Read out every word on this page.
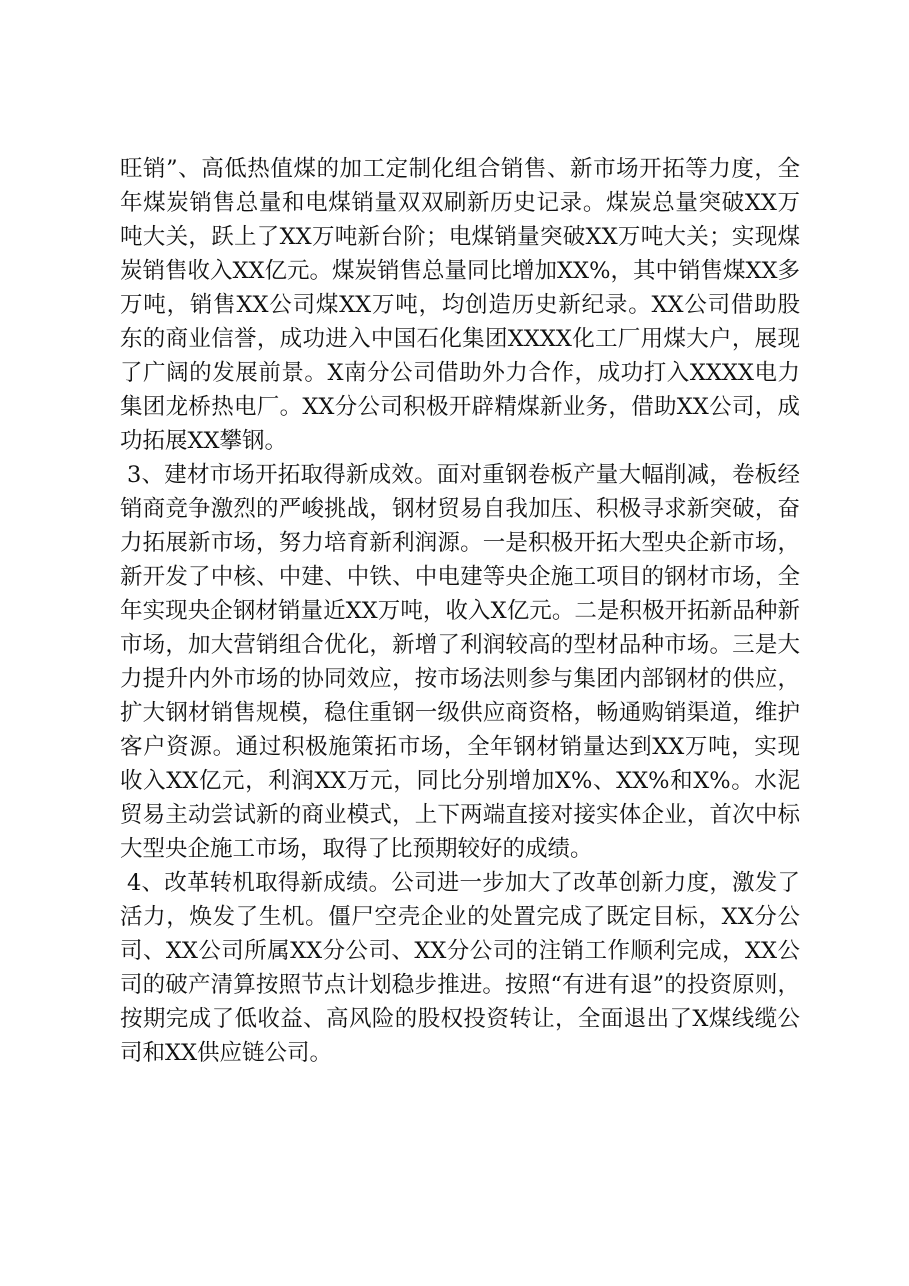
旺销”、高低热值煤的加工定制化组合销售、新市场开拓等力度，全年煤炭销售总量和电煤销量双双刷新历史记录。煤炭总量突破XX万吨大关，跃上了XX万吨新台阶；电煤销量突破XX万吨大关；实现煤炭销售收入XX亿元。煤炭销售总量同比增加XX%，其中销售煤XX多万吨，销售XX公司煤XX万吨，均创造历史新纪录。XX公司借助股东的商业信誉，成功进入中国石化集团XXXX化工厂用煤大户，展现了广阔的发展前景。X南分公司借助外力合作，成功打入XXXX电力集团龙桥热电厂。XX分公司积极开辟精煤新业务，借助XX公司，成功拓展XX攀钢。

3、建材市场开拓取得新成效。面对重钢卷板产量大幅削减，卷板经销商竞争激烈的严峻挑战，钢材贸易自我加压、积极寻求新突破，奋力拓展新市场，努力培育新利润源。一是积极开拓大型央企新市场，新开发了中核、中建、中铁、中电建等央企施工项目的钢材市场，全年实现央企钢材销量近XX万吨，收入X亿元。二是积极开拓新品种新市场，加大营销组合优化，新增了利润较高的型材品种市场。三是大力提升内外市场的协同效应，按市场法则参与集团内部钢材的供应，扩大钢材销售规模，稳住重钢一级供应商资格，畅通购销渠道，维护客户资源。通过积极施策拓市场，全年钢材销量达到XX万吨，实现收入XX亿元，利润XX万元，同比分别增加X%、XX%和X%。水泥贸易主动尝试新的商业模式，上下两端直接对接实体企业，首次中标大型央企施工市场，取得了比预期较好的成绩。

4、改革转机取得新成绩。公司进一步加大了改革创新力度，激发了活力，焕发了生机。僵尸空壳企业的处置完成了既定目标，XX分公司、XX公司所属XX分公司、XX分公司的注销工作顺利完成，XX公司的破产清算按照节点计划稳步推进。按照“有进有退”的投资原则，按期完成了低收益、高风险的股权投资转让，全面退出了X煤线缆公司和XX供应链公司。
